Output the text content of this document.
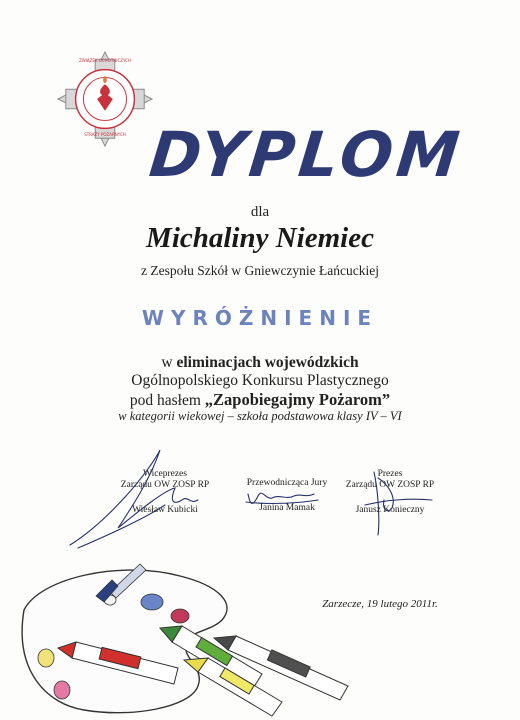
ZWIĄZEK OCHOTNICZYCH
STRAŻY POŻARNYCH DYPLOM
dla
Michaliny Niemiec
z Zespołu Szkół w Gniewczynie Łańcuckiej
WYRÓŻNIENIE
w eliminacjach wojewódzkich
Ogólnopolskiego Konkursu Plastycznego
pod hasłem „Zapobiegajmy Pożarom”
w kategorii wiekowej – szkoła podstawowa klasy IV – VI
Wiceprezes
Zarządu OW ZOSP RP
Wiesław Kubicki
Przewodnicząca Jury
Janina Mamak
Prezes
Zarządu OW ZOSP RP
Janusz Konieczny
Zarzecze, 19 lutego 2011r.
